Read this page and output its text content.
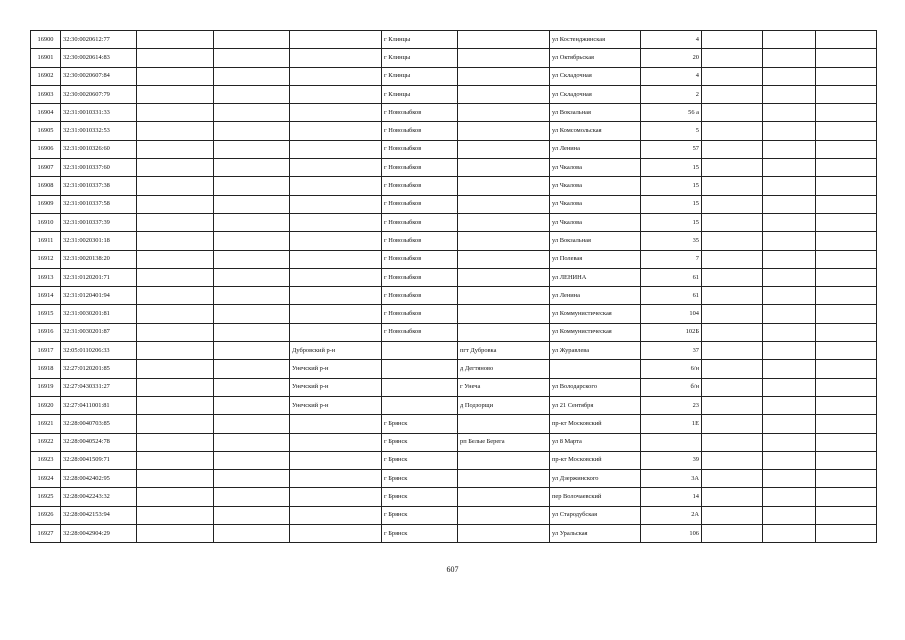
16900	32:30:0020612:77				г Клинцы		ул Костенджинская	4			
16901	32:30:0020614:83				г Клинцы		ул Октябрьская	20			
16902	32:30:0020607:84				г Клинцы		ул Складочная	4			
16903	32:30:0020607:79				г Клинцы		ул Складочная	2			
16904	32:31:0010331:33				г Новозыбков		ул Вокзальная	56 а			
16905	32:31:0010332:53				г Новозыбков		ул Комсомольская	5			
16906	32:31:0010326:60				г Новозыбков		ул Ленина	57			
16907	32:31:0010337:60				г Новозыбков		ул Чкалова	15			
16908	32:31:0010337:38				г Новозыбков		ул Чкалова	15			
16909	32:31:0010337:58				г Новозыбков		ул Чкалова	15			
16910	32:31:0010337:39				г Новозыбков		ул Чкалова	15			
16911	32:31:0020301:18				г Новозыбков		ул Вокзальная	35			
16912	32:31:0020138:20				г Новозыбков		ул Полевая	7			
16913	32:31:0120201:71				г Новозыбков		ул ЛЕНИНА	61			
16914	32:31:0120401:94				г Новозыбков		ул Ленина	61			
16915	32:31:0030201:81				г Новозыбков		ул Коммунистическая	104			
16916	32:31:0030201:87				г Новозыбков		ул Коммунистическая	102Б			
16917	32:05:0110206:33			Дубровский р-н		пгт Дубровка	ул Журавлева	37			
16918	32:27:0120201:85			Унечский р-н		д Дегтяново		6/н			
16919	32:27:0430331:27			Унечский р-н		г Унеча	ул Володарского	б/н			
16920	32:27:0411001:81			Унечский р-н		д Подзорщи	ул 21 Сентября	23			
16921	32:28:0040703:85				г Брянск		пр-кт Московский	1Е			
16922	32:28:0040524:78				г Брянск	рп Белые Берега	ул 8 Марта				
16923	32:28:0041509:71				г Брянск		пр-кт Московский	39			
16924	32:28:0042402:95				г Брянск		ул Дзержинского	3А			
16925	32:28:0042243:32				г Брянск		пер Волочаевский	14			
16926	32:28:0042153:94				г Брянск		ул Стародубская	2А			
16927	32:28:0042904:29				г Брянск		ул Уральская	106			
607
